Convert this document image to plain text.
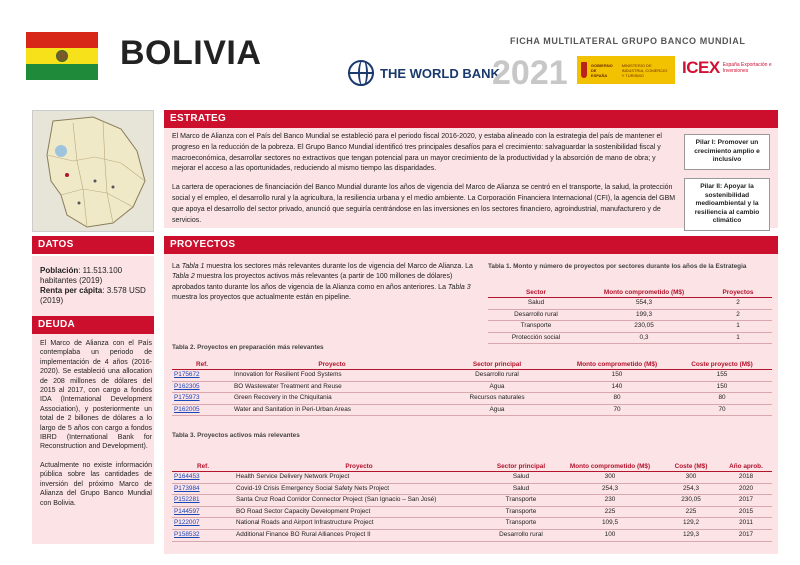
BOLIVIA	FICHA MULTILATERAL GRUPO BANCO MUNDIAL
THE WORLD BANK
2021	GOBIERNO DE ESPAÑA
MINISTERIO DE INDUSTRIA, COMERCIO Y TURISMO	ICEX España Exportación e Inversiones
DATOS
Población: 11.513.100 habitantes (2019)
Renta per cápita: 3.578 USD (2019)
DEUDA

El Marco de Alianza con el País contemplaba un periodo de implementación de 4 años (2016-2020). Se estableció una allocation de 208 millones de dólares del 2015 al 2017, con cargo a fondos IDA (International Development Association), y posteriormente un total de 2 billones de dólares a lo largo de 5 años con cargo a fondos IBRD (International Bank for Reconstruction and Development).

Actualmente no existe información pública sobre las cantidades de inversión del próximo Marco de Alianza del Grupo Banco Mundial con Bolivia.

ESTRATEG

El Marco de Alianza con el País del Banco Mundial se estableció para el periodo fiscal 2016-2020, y estaba alineado con la estrategia del país de mantener el progreso en la reducción de la pobreza. El Grupo Banco Mundial identificó tres principales desafíos para el crecimiento: salvaguardar la sostenibilidad fiscal y macroeconómica, desarrollar sectores no extractivos que tengan potencial para un mayor crecimiento de la productividad y la absorción de mano de obra; y mejorar el acceso a las oportunidades, reduciendo al mismo tiempo las disparidades.

La cartera de operaciones de financiación del Banco Mundial durante los años de vigencia del Marco de Alianza se centró en el transporte, la salud, la protección social y el empleo, el desarrollo rural y la agricultura, la resiliencia urbana y el medio ambiente. La Corporación Financiera Internacional (CFI), la agencia del GBM que apoya el desarrollo del sector privado, anunció que seguiría centrándose en las inversiones en los sectores financiero, agroindustrial, manufacturero y de servicios.

Pilar I: Promover un crecimiento amplio e inclusivo
Pilar II: Apoyar la sostenibilidad medioambiental y la resiliencia al cambio climático
PROYECTOS
La Tabla 1 muestra los sectores más relevantes durante los de vigencia del Marco de Alianza. La Tabla 2 muestra los proyectos activos más relevantes (a partir de 100 millones de dólares) aprobados tanto durante los años de vigencia de la Alianza como en años anteriores. La Tabla 3 muestra los proyectos que actualmente están en pipeline.
Tabla 1. Monto y número de proyectos por sectores durante los años de la Estrategia
Sector	Monto comprometido (M$)	Proyectos
Salud	554,3	2
Desarrollo rural	199,3	2
Transporte	230,05	1
Protección social	0,3	1
Tabla 2. Proyectos en preparación más relevantes
Ref.	Proyecto	Sector principal	Monto comprometido (M$)	Coste proyecto (M$)
P175672	Innovation for Resilient Food Systems	Desarrollo rural	150	155
P162305	BO Wastewater Treatment and Reuse	Agua	140	150
P175973	Green Recovery in the Chiquitania	Recursos naturales	80	80
P162005	Water and Sanitation in Peri-Urban Areas	Agua	70	70
Tabla 3. Proyectos activos más relevantes
Ref.	Proyecto	Sector principal	Monto comprometido (M$)	Coste (M$)	Año aprob.
P164453	Health Service Delivery Network Project	Salud	300	300	2018
P173984	Covid-19 Crisis Emergency Social Safety Nets Project	Salud	254,3	254,3	2020
P152281	Santa Cruz Road Corridor Connector Project (San Ignacio – San José)	Transporte	230	230,05	2017
P144597	BO Road Sector Capacity Development Project	Transporte	225	225	2015
P122007	National Roads and Airport Infrastructure Project	Transporte	109,5	129,2	2011
P158532	Additional Finance BO Rural Alliances Project II	Desarrollo rural	100	129,3	2017
